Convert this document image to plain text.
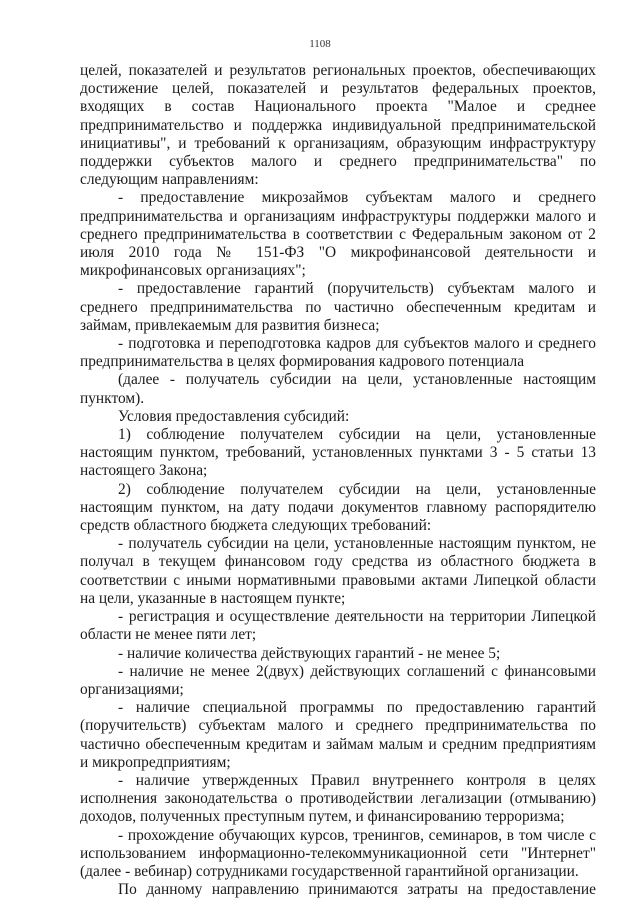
1108

целей, показателей и результатов региональных проектов, обеспечивающих достижение целей, показателей и результатов федеральных проектов, входящих в состав Национального проекта "Малое и среднее предпринимательство и поддержка индивидуальной предпринимательской инициативы", и требований к организациям, образующим инфраструктуру поддержки субъектов малого и среднего предпринимательства" по следующим направлениям:

- предоставление микрозаймов субъектам малого и среднего предпринимательства и организациям инфраструктуры поддержки малого и среднего предпринимательства в соответствии с Федеральным законом от 2 июля 2010 года № 151-ФЗ "О микрофинансовой деятельности и микрофинансовых организациях";

- предоставление гарантий (поручительств) субъектам малого и среднего предпринимательства по частично обеспеченным кредитам и займам, привлекаемым для развития бизнеса;

- подготовка и переподготовка кадров для субъектов малого и среднего предпринимательства в целях формирования кадрового потенциала

(далее - получатель субсидии на цели, установленные настоящим пунктом).

Условия предоставления субсидий:

1) соблюдение получателем субсидии на цели, установленные настоящим пунктом, требований, установленных пунктами 3 - 5 статьи 13 настоящего Закона;

2) соблюдение получателем субсидии на цели, установленные настоящим пунктом, на дату подачи документов главному распорядителю средств областного бюджета следующих требований:

- получатель субсидии на цели, установленные настоящим пунктом, не получал в текущем финансовом году средства из областного бюджета в соответствии с иными нормативными правовыми актами Липецкой области на цели, указанные в настоящем пункте;

- регистрация и осуществление деятельности на территории Липецкой области не менее пяти лет;

- наличие количества действующих гарантий - не менее 5;

- наличие не менее 2(двух) действующих соглашений с финансовыми организациями;

- наличие специальной программы по предоставлению гарантий (поручительств) субъектам малого и среднего предпринимательства по частично обеспеченным кредитам и займам малым и средним предприятиям и микропредприятиям;

- наличие утвержденных Правил внутреннего контроля в целях исполнения законодательства о противодействии легализации (отмыванию) доходов, полученных преступным путем, и финансированию терроризма;

- прохождение обучающих курсов, тренингов, семинаров, в том числе с использованием информационно-телекоммуникационной сети "Интернет" (далее - вебинар) сотрудниками государственной гарантийной организации.

По данному направлению принимаются затраты на предоставление
